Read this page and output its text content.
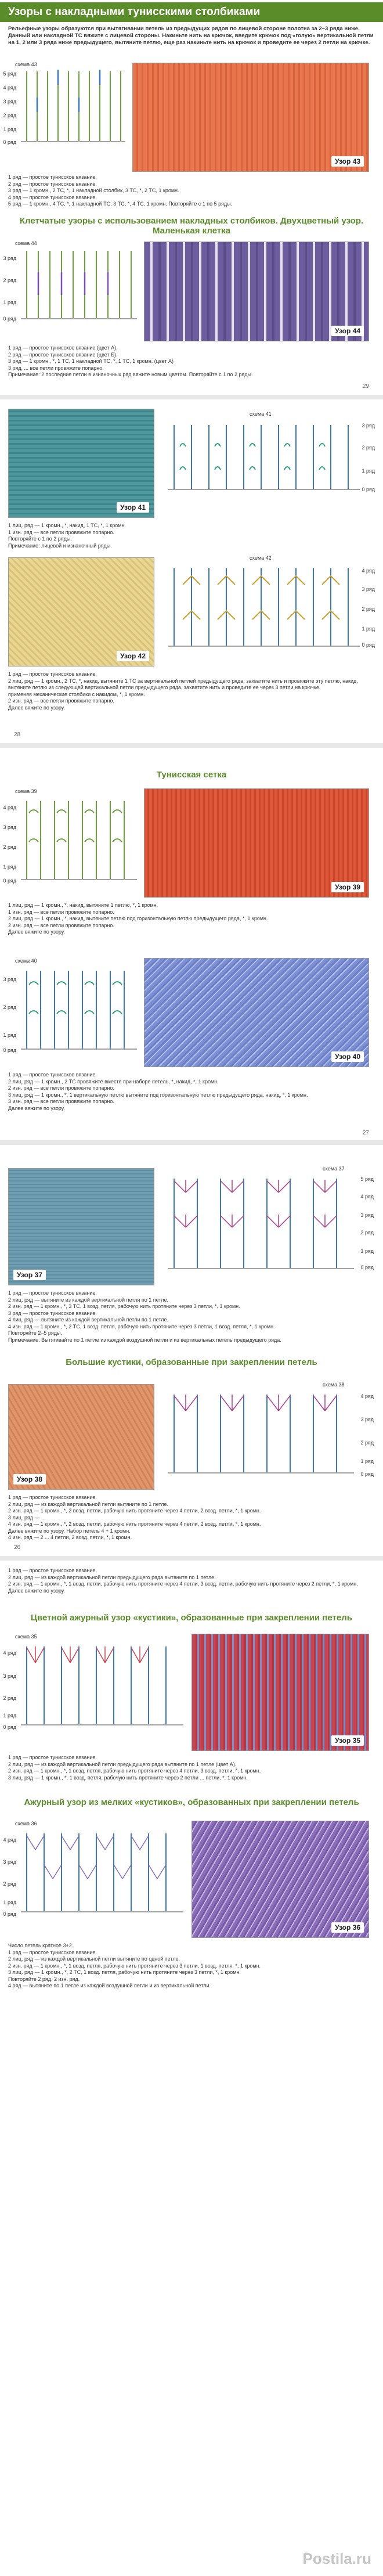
Узоры с накладными тунисскими столбиками
Рельефные узоры образуются при вытягивании петель из предыдущих рядов по лицевой стороне полотна за 2–3 ряда ниже. Данный или накладной ТС вяжите с лицевой стороны. Накиньте нить на крючок, введите крючок под «голую» вертикальной петли на 1, 2 или 3 ряда ниже предыдущего, вытяните петлю, еще раз накиньте нить на крючок и проведите ее через 2 петли на крючке.
схема 43
5 ряд
4 ряд
3 ряд
2 ряд
1 ряд
0 ряд
Узор 43
1 ряд — простое тунисское вязание.
2 ряд — простое тунисское вязание.
3 ряд — 1 кромн., 2 ТС, *, 1 накладной столбик, 3 ТС, *, 2 ТС, 1 кромн.
4 ряд — простое тунисское вязание.
5 ряд — 1 кромн., 4 ТС, *, 1 накладной ТС, 3 ТС, *, 4 ТС, 1 кромн. Повторяйте с 1 по 5 ряды.
Клетчатые узоры с использованием накладных столбиков. Двухцветный узор. Маленькая клетка
схема 44
3 ряд
2 ряд
1 ряд
0 ряд
Узор 44
1 ряд — простое тунисское вязание (цвет А).
2 ряд — простое тунисское вязание (цвет Б).
3 ряд — 1 кромн., *, 1 ТС, 1 накладной ТС, *, 1 ТС, 1 кромн. (цвет А)
3 ряд, ... все петли провяжите попарно.
Примечание: 2 последние петли в изнаночных ряд вяжите новым цветом. Повторяйте с 1 по 2 ряды.
29
Узор 41
схема 41
3 ряд
2 ряд
1 ряд
0 ряд
1 лиц. ряд — 1 кромн., *, накид, 1 ТС, *, 1 кромн.
1 изн. ряд — все петли провяжите попарно.
Повторяйте с 1 по 2 ряды.
Примечание: лицевой и изнаночный ряды.
Узор 42
схема 42
4 ряд
3 ряд
2 ряд
1 ряд
0 ряд
1 ряд — простое тунисское вязание.
2 лиц. ряд — 1 кромн., 2 ТС, *, накид, вытяните 1 ТС за вертикальной петлей предыдущего ряда, захватите нить и провяжите эту петлю, накид, вытяните петлю из следующей вертикальной петли предыдущего ряда, захватите нить и проведите ее через 3 петли на крючке,
применяя механические столбики с накидом, *, 1 кромн.
2 изн. ряд — все петли провяжите попарно.
Далее вяжите по узору.
28
Тунисская сетка
схема 39
4 ряд
3 ряд
2 ряд
1 ряд
0 ряд
Узор 39
1 лиц. ряд — 1 кромн., *, накид, вытяните 1 петлю, *, 1 кромн.
1 изн. ряд — все петли провяжите попарно.
2 лиц. ряд — 1 кромн., *, накид, вытяните петлю под горизонтальную петлю предыдущего ряда, *, 1 кромн.
2 изн. ряд — все петли провяжите попарно.
Далее вяжите по узору.
схема 40
3 ряд
2 ряд
1 ряд
0 ряд
Узор 40
1 ряд — простое тунисское вязание.
2 лиц. ряд — 1 кромн., 2 ТС провяжите вместе при наборе петель, *, накид, *, 1 кромн.
2 изн. ряд — все петли провяжите попарно.
3 лиц. ряд — 1 кромн., *, 1 вертикальную петлю вытяните под горизонтальную петлю предыдущего ряда, накид, *, 1 кромн.
3 изн. ряд — все петли провяжите попарно.
Далее вяжите по узору.
27
Узор 37
схема 37
5 ряд
4 ряд
3 ряд
2 ряд
1 ряд
0 ряд
1 ряд — простое тунисское вязание.
2 лиц. ряд — вытяните из каждой вертикальной петли по 1 петле.
2 изн. ряд — 1 кромн., *, 3 ТС, 1 возд. петля, рабочую нить протяните через 3 петли, *, 1 кромн.
3 ряд — простое тунисское вязание.
4 лиц. ряд — вытяните из каждой вертикальной петли по 1 петле.
4 изн. ряд — 1 кромн., *, 2 ТС, 1 возд. петля, рабочую нить протяните через 3 петли, 1 возд. петля, *, 1 кромн.
Повторяйте 2–5 ряды.
Примечание. Вытягивайте по 1 петле из каждой воздушной петли и из вертикальных петель предыдущего ряда.
Большие кустики, образованные при закреплении петель
Узор 38
схема 38
4 ряд
3 ряд
2 ряд
1 ряд
0 ряд
1 ряд — простое тунисское вязание.
2 лиц. ряд — из каждой вертикальной петли вытяните по 1 петле.
2 изн. ряд — 1 кромн., *, 2 возд. петли, рабочую нить протяните через 4 петли, 2 возд. петли, *, 1 кромн.
3 лиц. ряд — ...
4 изн. ряд — 1 кромн., *, 2 возд. петли, рабочую нить протяните через 4 петли, 2 возд. петли, *, 1 кромн.
Далее вяжите по узору. Набор петель 4 + 1 кромн.
4 изн. ряд — 2 ... 4 петли, 2 возд. петли, *, 1 кромн.
26
1 ряд — простое тунисское вязание.
2 лиц. ряд — из каждой вертикальной петли предыдущего ряда вытяните по 1 петле.
2 изн. ряд — 1 кромн., *, 1 возд. петли, рабочую нить протяните через 4 петли, 3 возд. петли, рабочую нить протяните через 2 петли, *, 1 кромн.
Далее вяжите по узору.
Цветной ажурный узор «кустики», образованные при закреплении петель
схема 35
4 ряд
3 ряд
2 ряд
1 ряд
0 ряд
Узор 35
1 ряд — простое тунисское вязание.
2 лиц. ряд — из каждой вертикальной петли предыдущего ряда вытяните по 1 петле (цвет А).
2 изн. ряд — 1 кромн., *, 1 возд. петля, рабочую нить протяните через 4 петли, 3 возд. петли, *, 1 кромн.
3 лиц. ряд — 1 кромн., *, 1 возд. петля, рабочую нить протяните через 2 петли ... петли, *, 1 кромн.
Ажурный узор из мелких «кустиков», образованных при закреплении петель
схема 36
4 ряд
3 ряд
2 ряд
1 ряд
0 ряд
Узор 36
Число петель кратное 3+2.
1 ряд — простое тунисское вязание.
2 лиц. ряд — из каждой вертикальной петли вытяните по одной петле.
2 изн. ряд — 1 кромн., *, 1 возд. петля, рабочую нить протяните через 3 петли, 1 возд. петля, *, 1 кромн.
3 лиц. ряд — 1 кромн., *, 2 ТС, 1 возд. петля, рабочую нить протяните через 3 петли, *, 1 кромн.
Повторяйте 2 ряд, 2 изн. ряд.
4 ряд — вытяните по 1 петле из каждой воздушной петли и из вертикальной петли.
Postila.ru
